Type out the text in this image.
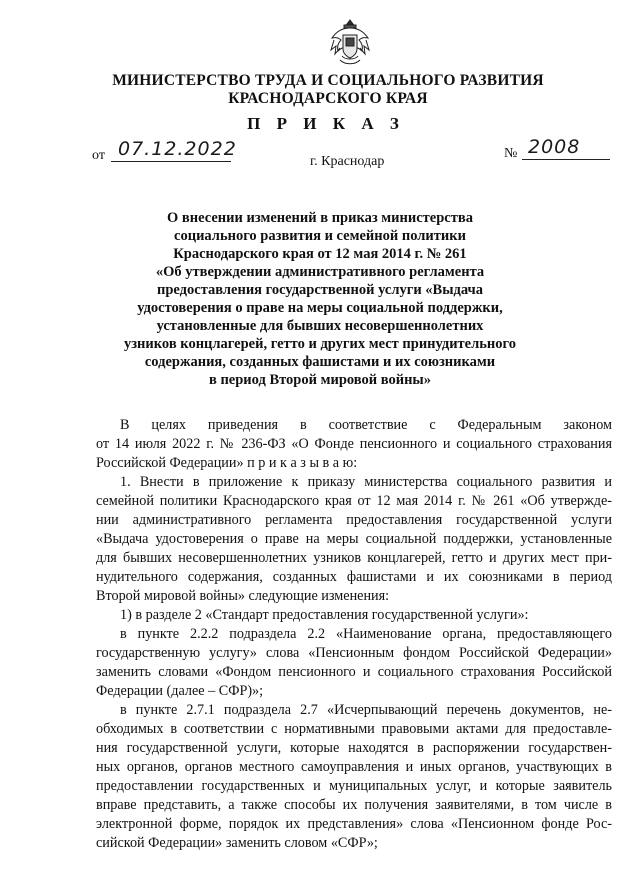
МИНИСТЕРСТВО ТРУДА И СОЦИАЛЬНОГО РАЗВИТИЯ
КРАСНОДАРСКОГО КРАЯ
П Р И К А З
от 07.12.2022
г. Краснодар
№ 2008
О внесении изменений в приказ министерства
социального развития и семейной политики
Краснодарского края от 12 мая 2014 г. № 261
«Об утверждении административного регламента
предоставления государственной услуги «Выдача
удостоверения о праве на меры социальной поддержки,
установленные для бывших несовершеннолетних
узников концлагерей, гетто и других мест принудительного
содержания, созданных фашистами и их союзниками
в период Второй мировой войны»
В целях приведения в соответствие с Федеральным законом
от 14 июля 2022 г. № 236-ФЗ «О Фонде пенсионного и социального страхования
Российской Федерации» п р и к а з ы в а ю:
1. Внести в приложение к приказу министерства социального развития и
семейной политики Краснодарского края от 12 мая 2014 г. № 261 «Об утвержде-
нии административного регламента предоставления государственной услуги
«Выдача удостоверения о праве на меры социальной поддержки, установленные
для бывших несовершеннолетних узников концлагерей, гетто и других мест при-
нудительного содержания, созданных фашистами и их союзниками в период
Второй мировой войны» следующие изменения:
1) в разделе 2 «Стандарт предоставления государственной услуги»:
в пункте 2.2.2 подраздела 2.2 «Наименование органа, предоставляющего
государственную услугу» слова «Пенсионным фондом Российской Федерации»
заменить словами «Фондом пенсионного и социального страхования Российской
Федерации (далее – СФР)»;
в пункте 2.7.1 подраздела 2.7 «Исчерпывающий перечень документов, не-
обходимых в соответствии с нормативными правовыми актами для предоставле-
ния государственной услуги, которые находятся в распоряжении государствен-
ных органов, органов местного самоуправления и иных органов, участвующих в
предоставлении государственных и муниципальных услуг, и которые заявитель
вправе представить, а также способы их получения заявителями, в том числе в
электронной форме, порядок их представления» слова «Пенсионном фонде Рос-
сийской Федерации» заменить словом «СФР»;
